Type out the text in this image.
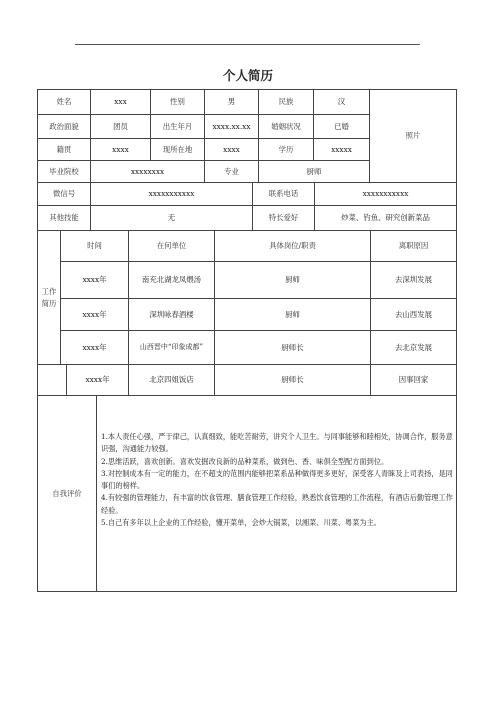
个人简历
姓名	xxx	性别	男	民族	汉
照片
政治面貌	团员	出生年月	xxxx.xx.xx	婚姻状况	已婚
籍贯	xxxx	现所在地	xxxx	学历	xxxxx
毕业院校	xxxxxxxx	专业	厨师
微信号	xxxxxxxxxxx	联系电话	xxxxxxxxxxx
其他技能	无	特长爱好	炒菜、钓鱼、研究创新菜品
工作简历
时间	在何单位	具体岗位/职责	离职原因
xxxx年	南充北湖龙凤煨汤	厨师	去深圳发展
xxxx年	深圳咏春酒楼	厨师	去山西发展
xxxx年	山西晋中“印象成都”	厨师长	去北京发展
xxxx年	北京四姐饭店	厨师长	因事回家
自我评价
1.本人责任心强，严于律己，认真细致，能吃苦耐劳，讲究个人卫生。与同事能够和睦相处，协调合作，服务意识强，沟通能力较强。
2.思维活跃，喜欢创新。喜欢发掘改良新的品种菜系，做到色、香、味俱全型配方面到位。
3.对控制成本有一定的能力，在不超支的范围内能够把菜系品种做得更多更好，深受客人青睐及上司表扬，是同事们的榜样。
4.有较强的管理能力，有丰富的饮食管理、膳食管理工作经验，熟悉饮食管理的工作流程，有酒店后勤管理工作经验。
5.自己有多年以上企业的工作经验，懂开菜单，会炒大锅菜，以湘菜、川菜、粤菜为主。
